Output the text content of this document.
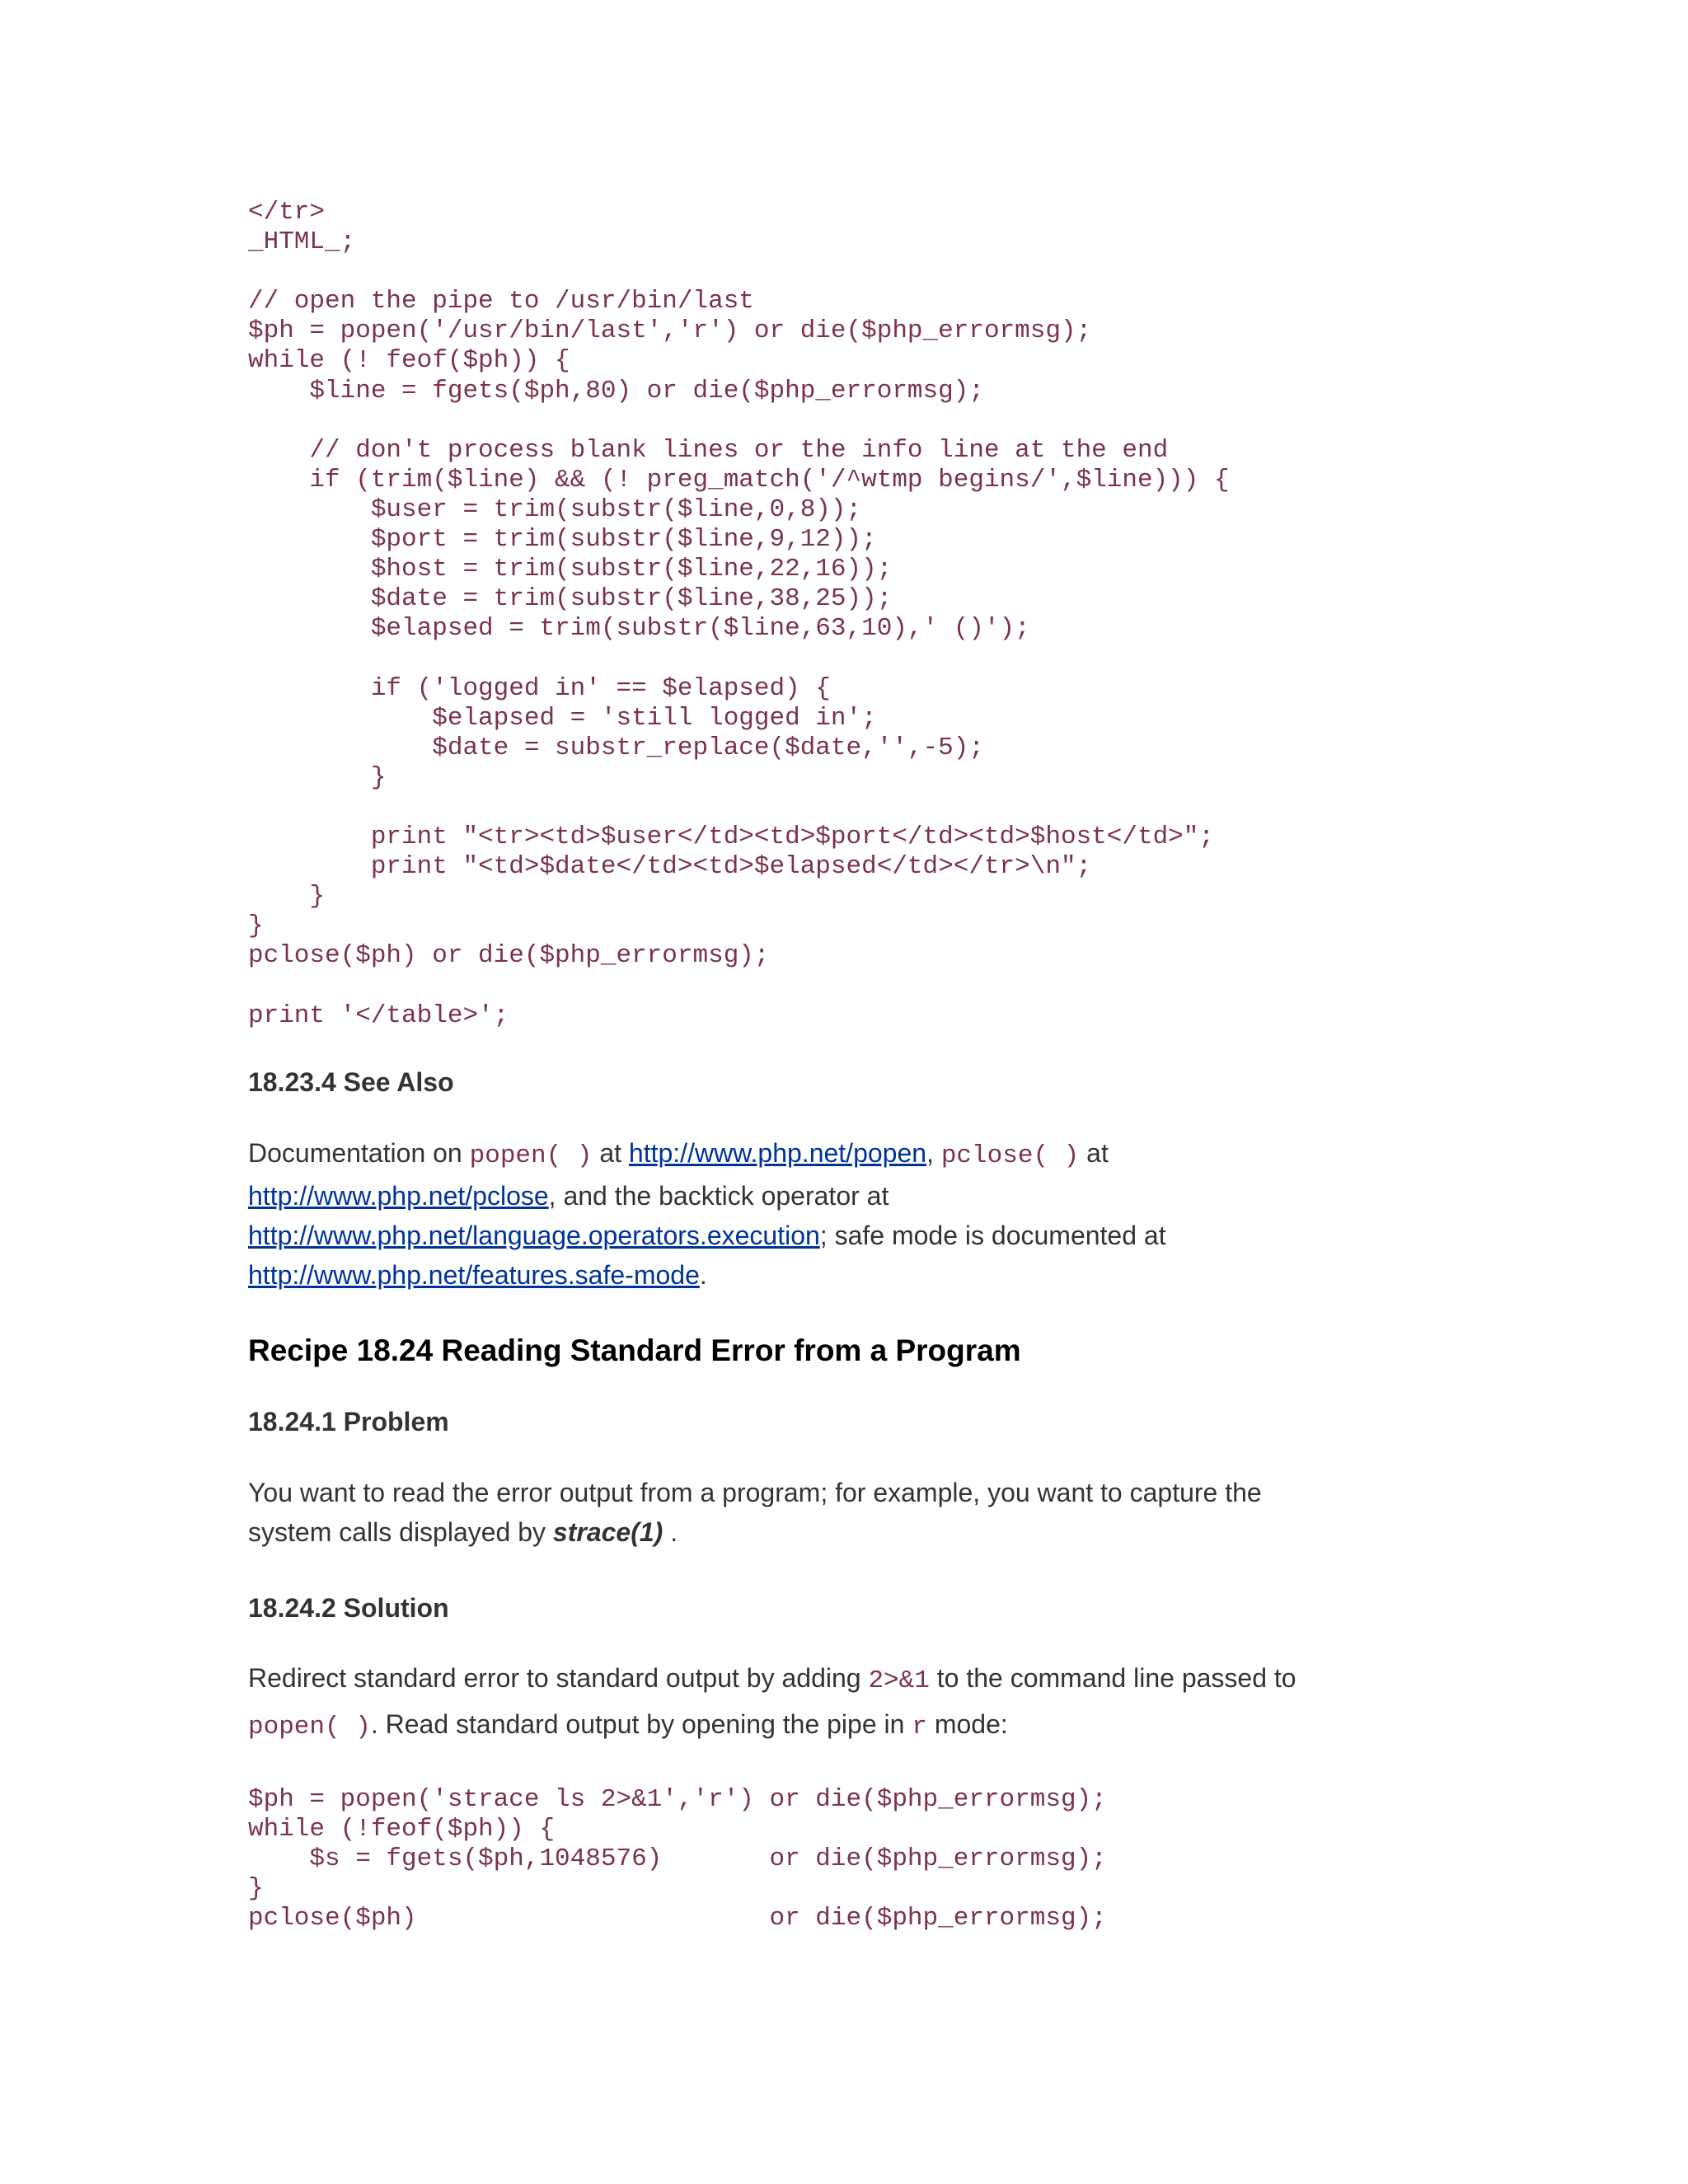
</tr>
_HTML_;

// open the pipe to /usr/bin/last
$ph = popen('/usr/bin/last','r') or die($php_errormsg);
while (! feof($ph)) {
$line = fgets($ph,80) or die($php_errormsg);

// don't process blank lines or the info line at the end
if (trim($line) && (! preg_match('/^wtmp begins/',$line))) {
$user = trim(substr($line,0,8));
$port = trim(substr($line,9,12));
$host = trim(substr($line,22,16));
$date = trim(substr($line,38,25));
$elapsed = trim(substr($line,63,10),' ()');

if ('logged in' == $elapsed) {
$elapsed = 'still logged in';
$date = substr_replace($date,'',-5);
}

print "<tr><td>$user</td><td>$port</td><td>$host</td>";
print "<td>$date</td><td>$elapsed</td></tr>\n";
}
}
pclose($ph) or die($php_errormsg);

print '</table>';
18.23.4 See Also

Documentation on popen( ) at http://www.php.net/popen, pclose( ) at
http://www.php.net/pclose, and the backtick operator at
http://www.php.net/language.operators.execution; safe mode is documented at
http://www.php.net/features.safe-mode.

Recipe 18.24 Reading Standard Error from a Program
18.24.1 Problem

You want to read the error output from a program; for example, you want to capture the
system calls displayed by strace(1) .

18.24.2 Solution

Redirect standard error to standard output by adding 2>&1 to the command line passed to
popen( ). Read standard output by opening the pipe in r mode:

$ph = popen('strace ls 2>&1','r') or die($php_errormsg);
while (!feof($ph)) {
$s = fgets($ph,1048576)       or die($php_errormsg);
}
pclose($ph)                       or die($php_errormsg);
